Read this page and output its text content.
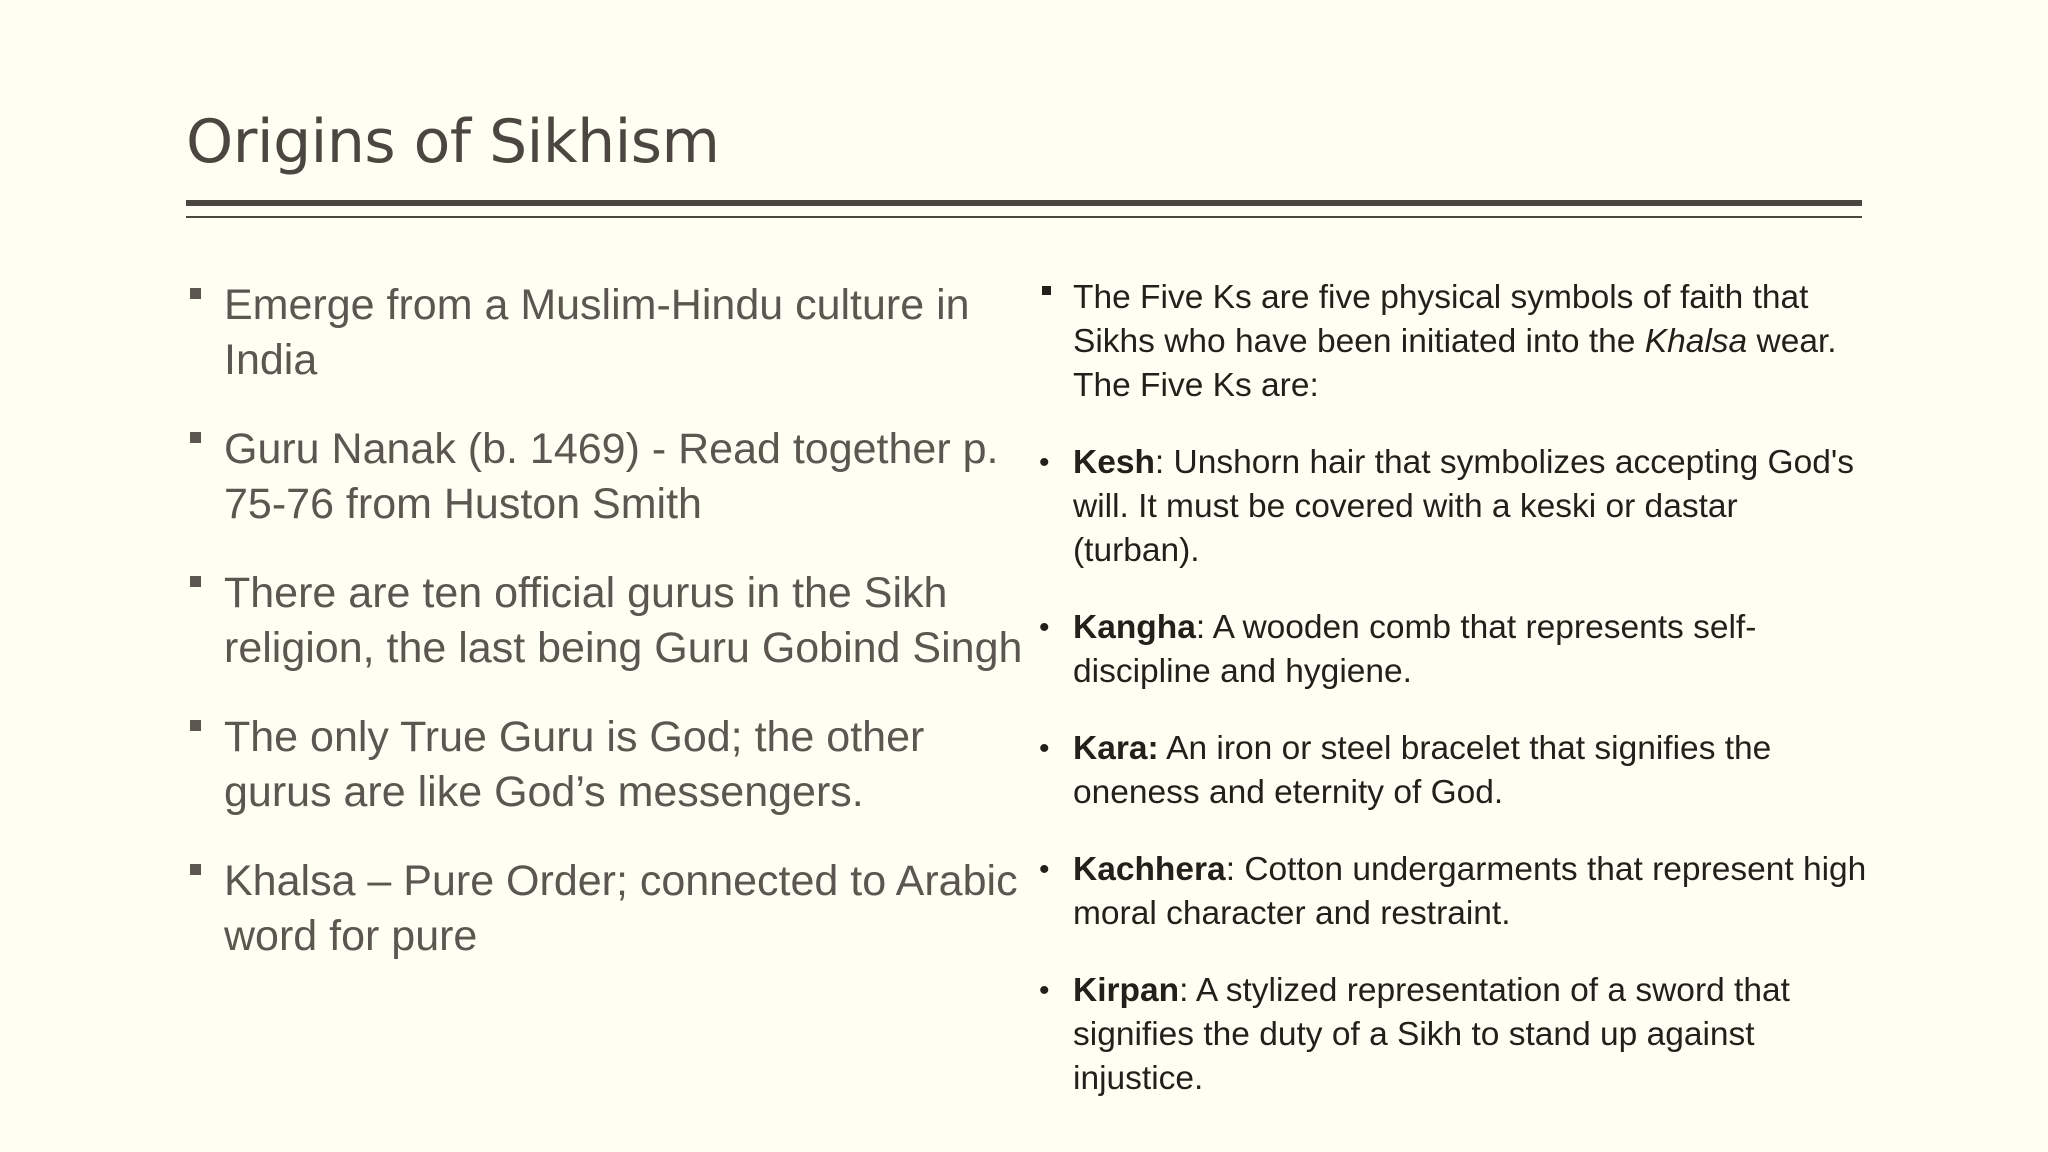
Origins of Sikhism
Emerge from a Muslim-Hindu culture in India
Guru Nanak (b. 1469) - Read together p. 75-76 from Huston Smith
There are ten official gurus in the Sikh religion, the last being Guru Gobind Singh
The only True Guru is God; the other gurus are like God’s messengers.
Khalsa – Pure Order; connected to Arabic word for pure
The Five Ks are five physical symbols of faith that Sikhs who have been initiated into the Khalsa wear. The Five Ks are:
• Kesh: Unshorn hair that symbolizes accepting God's will. It must be covered with a keski or dastar (turban).
• Kangha: A wooden comb that represents self-discipline and hygiene.
• Kara: An iron or steel bracelet that signifies the oneness and eternity of God.
• Kachhera: Cotton undergarments that represent high moral character and restraint.
• Kirpan: A stylized representation of a sword that signifies the duty of a Sikh to stand up against injustice.
